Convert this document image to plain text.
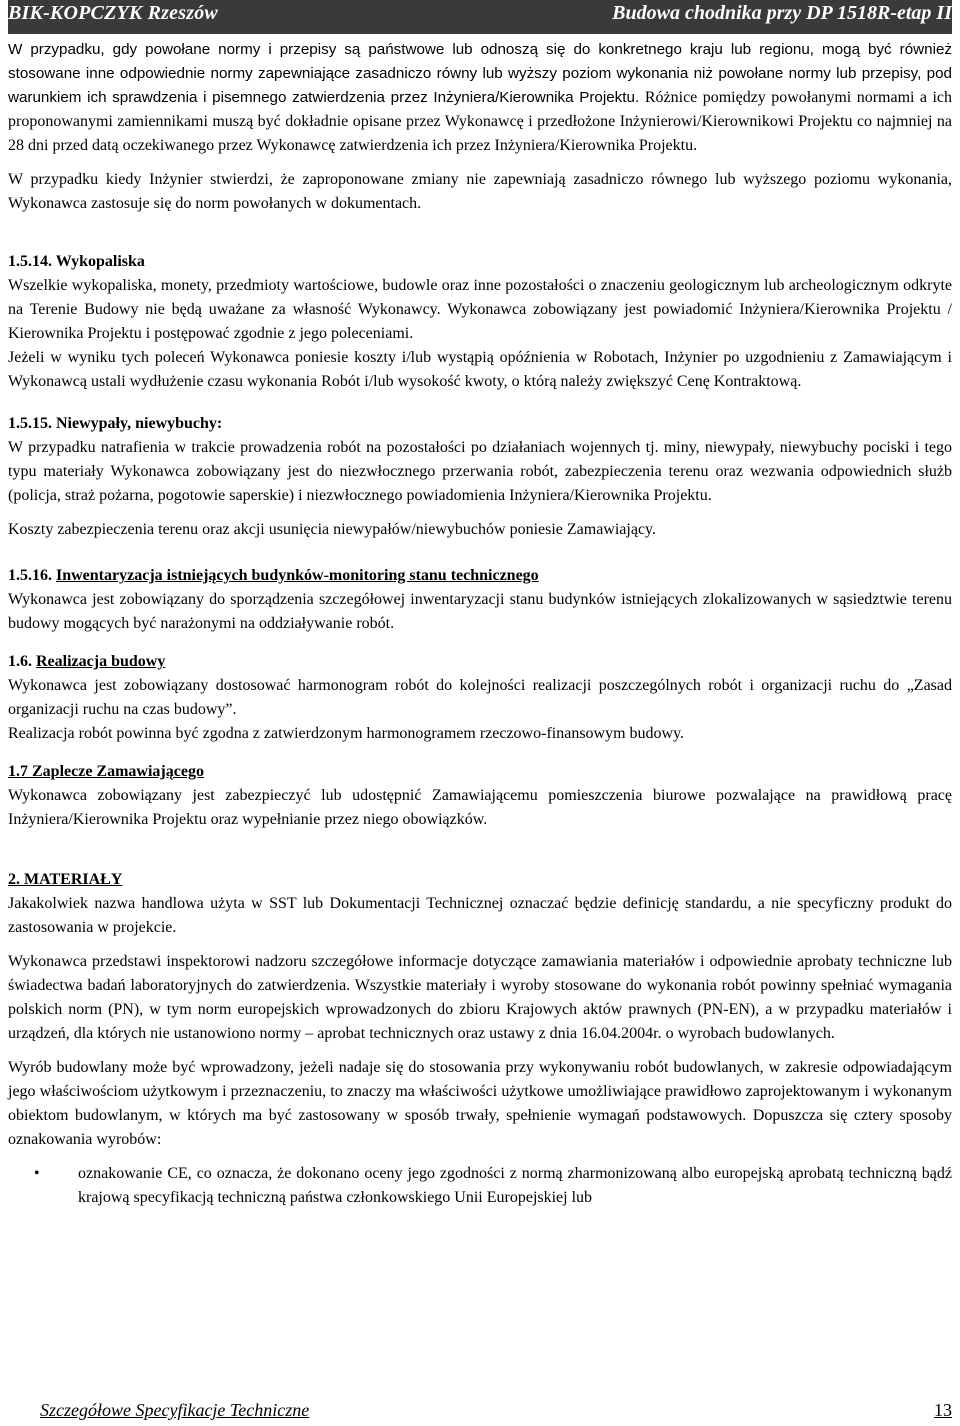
BIK-KOPCZYK Rzeszów	Budowa chodnika przy DP 1518R-etap II

W przypadku, gdy powołane normy i przepisy są państwowe lub odnoszą się do konkretnego kraju lub regionu, mogą być również stosowane inne odpowiednie normy zapewniające zasadniczo równy lub wyższy poziom wykonania niż powołane normy lub przepisy, pod warunkiem ich sprawdzenia i pisemnego zatwierdzenia przez Inżyniera/Kierownika Projektu. Różnice pomiędzy powołanymi normami a ich proponowanymi zamiennikami muszą być dokładnie opisane przez Wykonawcę i przedłożone Inżynierowi/Kierownikowi Projektu co najmniej na 28 dni przed datą oczekiwanego przez Wykonawcę zatwierdzenia ich przez Inżyniera/Kierownika Projektu.

W przypadku kiedy Inżynier stwierdzi, że zaproponowane zmiany nie zapewniają zasadniczo równego lub wyższego poziomu wykonania, Wykonawca zastosuje się do norm powołanych w dokumentach.

1.5.14. Wykopaliska

Wszelkie wykopaliska, monety, przedmioty wartościowe, budowle oraz inne pozostałości o znaczeniu geologicznym lub archeologicznym odkryte na Terenie Budowy nie będą uważane za własność Wykonawcy. Wykonawca zobowiązany jest powiadomić Inżyniera/Kierownika Projektu / Kierownika Projektu i postępować zgodnie z jego poleceniami.

Jeżeli w wyniku tych poleceń Wykonawca poniesie koszty i/lub wystąpią opóźnienia w Robotach, Inżynier po uzgodnieniu z Zamawiającym i Wykonawcą ustali wydłużenie czasu wykonania Robót i/lub wysokość kwoty, o którą należy zwiększyć Cenę Kontraktową.

1.5.15. Niewypały, niewybuchy:

W przypadku natrafienia w trakcie prowadzenia robót na pozostałości po działaniach wojennych tj. miny, niewypały, niewybuchy pociski i tego typu materiały Wykonawca zobowiązany jest do niezwłocznego przerwania robót, zabezpieczenia terenu oraz wezwania odpowiednich służb (policja, straż pożarna, pogotowie saperskie) i niezwłocznego powiadomienia Inżyniera/Kierownika Projektu.

Koszty zabezpieczenia terenu oraz akcji usunięcia niewypałów/niewybuchów poniesie Zamawiający.

1.5.16. Inwentaryzacja istniejących budynków-monitoring stanu technicznego

Wykonawca jest zobowiązany do sporządzenia szczegółowej inwentaryzacji stanu budynków istniejących zlokalizowanych w sąsiedztwie terenu budowy mogących być narażonymi na oddziaływanie robót.

1.6. Realizacja budowy

Wykonawca jest zobowiązany dostosować harmonogram robót do kolejności realizacji poszczególnych robót i organizacji ruchu do „Zasad organizacji ruchu na czas budowy”.

Realizacja robót powinna być zgodna z zatwierdzonym harmonogramem rzeczowo-finansowym budowy.

1.7 Zaplecze Zamawiającego

Wykonawca zobowiązany jest zabezpieczyć lub udostępnić Zamawiającemu pomieszczenia biurowe pozwalające na prawidłową pracę Inżyniera/Kierownika Projektu oraz wypełnianie przez niego obowiązków.

2. MATERIAŁY

Jakakolwiek nazwa handlowa użyta w SST lub Dokumentacji Technicznej oznaczać będzie definicję standardu, a nie specyficzny produkt do zastosowania w projekcie.

Wykonawca przedstawi inspektorowi nadzoru szczegółowe informacje dotyczące zamawiania materiałów i odpowiednie aprobaty techniczne lub świadectwa badań laboratoryjnych do zatwierdzenia. Wszystkie materiały i wyroby stosowane do wykonania robót powinny spełniać wymagania polskich norm (PN), w tym norm europejskich wprowadzonych do zbioru Krajowych aktów prawnych (PN-EN), a w przypadku materiałów i urządzeń, dla których nie ustanowiono normy – aprobat technicznych oraz ustawy z dnia 16.04.2004r. o wyrobach budowlanych.

Wyrób budowlany może być wprowadzony, jeżeli nadaje się do stosowania przy wykonywaniu robót budowlanych, w zakresie odpowiadającym jego właściwościom użytkowym i przeznaczeniu, to znaczy ma właściwości użytkowe umożliwiające prawidłowo zaprojektowanym i wykonanym obiektom budowlanym, w których ma być zastosowany w sposób trwały, spełnienie wymagań podstawowych. Dopuszcza się cztery sposoby oznakowania wyrobów:

• oznakowanie CE, co oznacza, że dokonano oceny jego zgodności z normą zharmonizowaną albo europejską aprobatą techniczną bądź krajową specyfikacją techniczną państwa członkowskiego Unii Europejskiej lub
Szczegółowe Specyfikacje Techniczne	13
